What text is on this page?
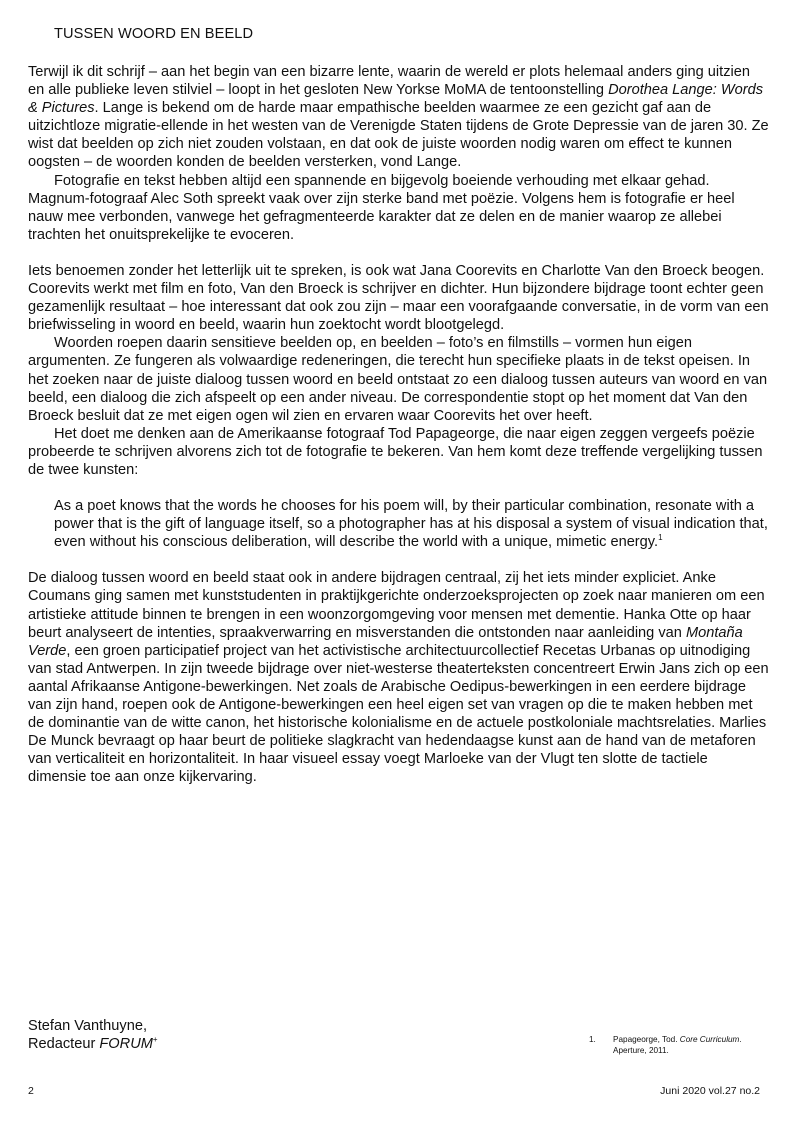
TUSSEN WOORD EN BEELD

Terwijl ik dit schrijf – aan het begin van een bizarre lente, waarin de wereld er plots helemaal anders ging uitzien en alle publieke leven stilviel – loopt in het gesloten New Yorkse MoMA de tentoonstelling Dorothea Lange: Words & Pictures. Lange is bekend om de harde maar empathische beelden waarmee ze een gezicht gaf aan de uitzichtloze migratie-ellende in het westen van de Verenigde Staten tijdens de Grote Depressie van de jaren 30. Ze wist dat beelden op zich niet zouden volstaan, en dat ook de juiste woorden nodig waren om effect te kunnen oogsten – de woorden konden de beelden versterken, vond Lange.

Fotografie en tekst hebben altijd een spannende en bijgevolg boeiende verhouding met elkaar gehad. Magnum-fotograaf Alec Soth spreekt vaak over zijn sterke band met poëzie. Volgens hem is fotografie er heel nauw mee verbonden, vanwege het gefragmenteerde karakter dat ze delen en de manier waarop ze allebei trachten het onuitsprekelijke te evoceren.

Iets benoemen zonder het letterlijk uit te spreken, is ook wat Jana Coorevits en Charlotte Van den Broeck beogen. Coorevits werkt met film en foto, Van den Broeck is schrijver en dichter. Hun bijzondere bijdrage toont echter geen gezamenlijk resultaat – hoe interessant dat ook zou zijn – maar een voorafgaande conversatie, in de vorm van een briefwisseling in woord en beeld, waarin hun zoektocht wordt blootgelegd.

Woorden roepen daarin sensitieve beelden op, en beelden – foto’s en filmstills – vormen hun eigen argumenten. Ze fungeren als volwaardige redeneringen, die terecht hun specifieke plaats in de tekst opeisen. In het zoeken naar de juiste dialoog tussen woord en beeld ontstaat zo een dialoog tussen auteurs van woord en van beeld, een dialoog die zich afspeelt op een ander niveau. De correspondentie stopt op het moment dat Van den Broeck besluit dat ze met eigen ogen wil zien en ervaren waar Coorevits het over heeft.

Het doet me denken aan de Amerikaanse fotograaf Tod Papageorge, die naar eigen zeggen vergeefs poëzie probeerde te schrijven alvorens zich tot de fotografie te bekeren. Van hem komt deze treffende vergelijking tussen de twee kunsten:

As a poet knows that the words he chooses for his poem will, by their particular combination, resonate with a power that is the gift of language itself, so a photographer has at his disposal a system of visual indication that, even without his conscious deliberation, will describe the world with a unique, mimetic energy.$^1$

De dialoog tussen woord en beeld staat ook in andere bijdragen centraal, zij het iets minder expliciet. Anke Coumans ging samen met kunststudenten in praktijkgerichte onderzoeksprojecten op zoek naar manieren om een artistieke attitude binnen te brengen in een woonzorgomgeving voor mensen met dementie. Hanka Otte op haar beurt analyseert de intenties, spraakverwarring en misverstanden die ontstonden naar aanleiding van Montaña Verde, een groen participatief project van het activistische architectuurcollectief Recetas Urbanas op uitnodiging van stad Antwerpen. In zijn tweede bijdrage over niet-westerse theaterteksten concentreert Erwin Jans zich op een aantal Afrikaanse Antigone-bewerkingen. Net zoals de Arabische Oedipus-bewerkingen in een eerdere bijdrage van zijn hand, roepen ook de Antigone-bewerkingen een heel eigen set van vragen op die te maken hebben met de dominantie van de witte canon, het historische kolonialisme en de actuele postkoloniale machtsrelaties. Marlies De Munck bevraagt op haar beurt de politieke slagkracht van hedendaagse kunst aan de hand van de metaforen van verticaliteit en horizontaliteit. In haar visueel essay voegt Marloeke van der Vlugt ten slotte de tactiele dimensie toe aan onze kijkervaring.

Stefan Vanthuyne,
Redacteur FORUM+	1. Papageorge, Tod. Core Curriculum. Aperture, 2011.
2	Juni 2020 vol.27 no.2
